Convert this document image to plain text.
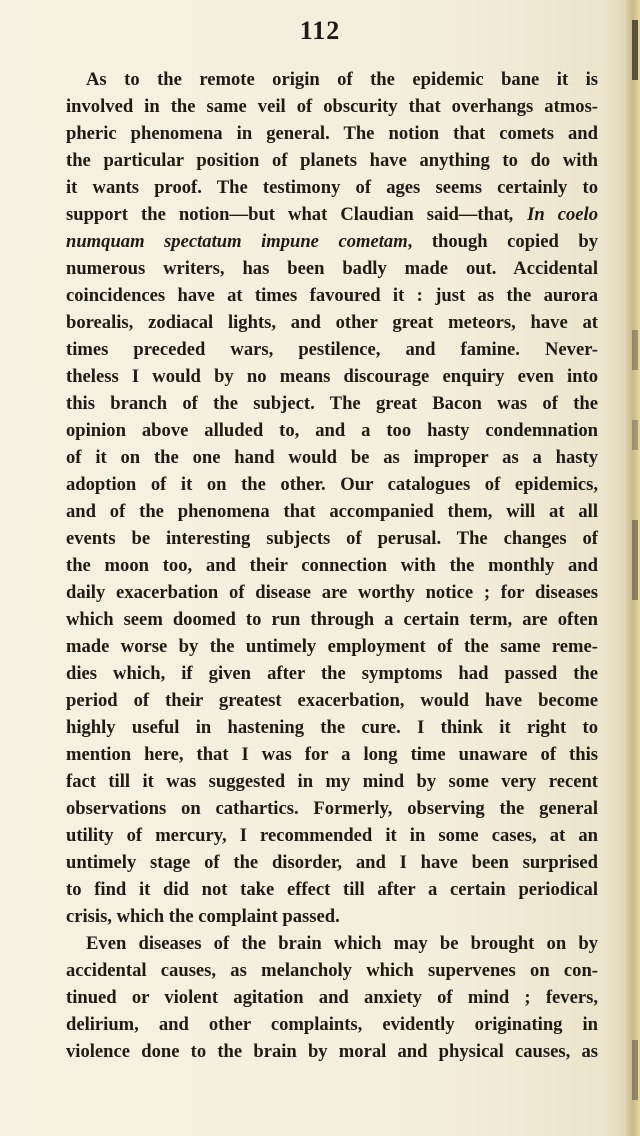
112
As to the remote origin of the epidemic bane it is
involved in the same veil of obscurity that overhangs atmos-
pheric phenomena in general. The notion that comets and
the particular position of planets have anything to do with
it wants proof. The testimony of ages seems certainly to
support the notion—but what Claudian said—that, In coelo
numquam spectatum impune cometam, though copied by
numerous writers, has been badly made out. Accidental
coincidences have at times favoured it : just as the aurora
borealis, zodiacal lights, and other great meteors, have at
times preceded wars, pestilence, and famine. Never-
theless I would by no means discourage enquiry even into
this branch of the subject. The great Bacon was of the
opinion above alluded to, and a too hasty condemnation
of it on the one hand would be as improper as a hasty
adoption of it on the other. Our catalogues of epidemics,
and of the phenomena that accompanied them, will at all
events be interesting subjects of perusal. The changes of
the moon too, and their connection with the monthly and
daily exacerbation of disease are worthy notice ; for diseases
which seem doomed to run through a certain term, are often
made worse by the untimely employment of the same reme-
dies which, if given after the symptoms had passed the
period of their greatest exacerbation, would have become
highly useful in hastening the cure. I think it right to
mention here, that I was for a long time unaware of this
fact till it was suggested in my mind by some very recent
observations on cathartics. Formerly, observing the general
utility of mercury, I recommended it in some cases, at an
untimely stage of the disorder, and I have been surprised
to find it did not take effect till after a certain periodical
crisis, which the complaint passed.
Even diseases of the brain which may be brought on by
accidental causes, as melancholy which supervenes on con-
tinued or violent agitation and anxiety of mind ; fevers,
delirium, and other complaints, evidently originating in
violence done to the brain by moral and physical causes, as
